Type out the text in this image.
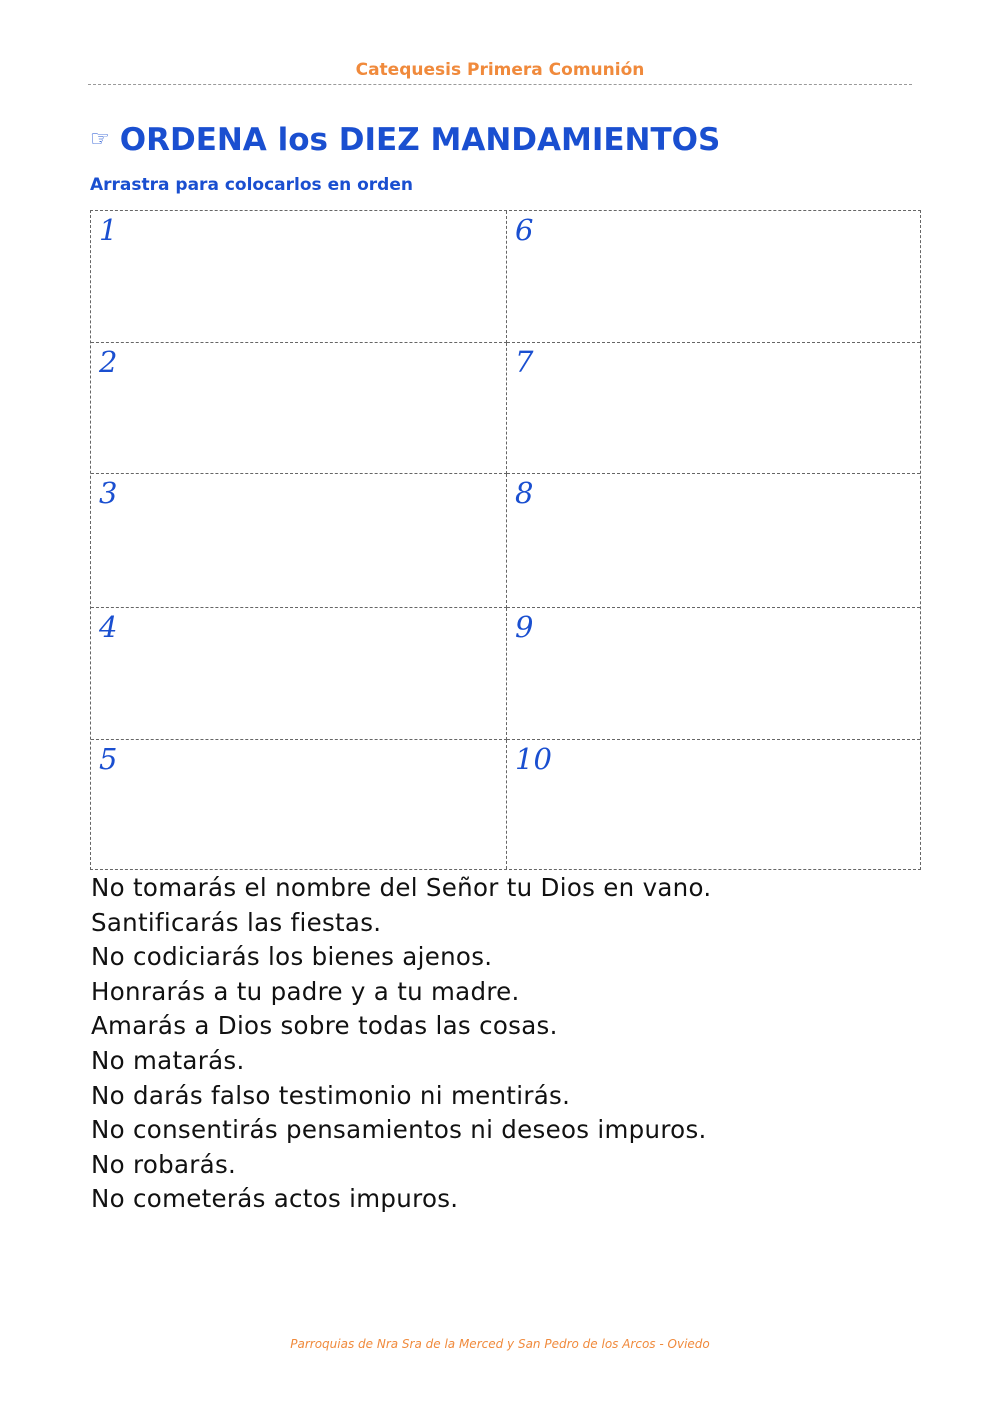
Catequesis Primera Comunión
☞ ORDENA los DIEZ MANDAMIENTOS
Arrastra para colocarlos en orden
1
2
3
4
5
6
7
8
9
10
No tomarás el nombre del Señor tu Dios en vano.
Santificarás las fiestas.
No codiciarás los bienes ajenos.
Honrarás a tu padre y a tu madre.
Amarás a Dios sobre todas las cosas.
No matarás.
No darás falso testimonio ni mentirás.
No consentirás pensamientos ni deseos impuros.
No robarás.
No cometerás actos impuros.
Parroquias de Nra Sra de la Merced y San Pedro de los Arcos - Oviedo
